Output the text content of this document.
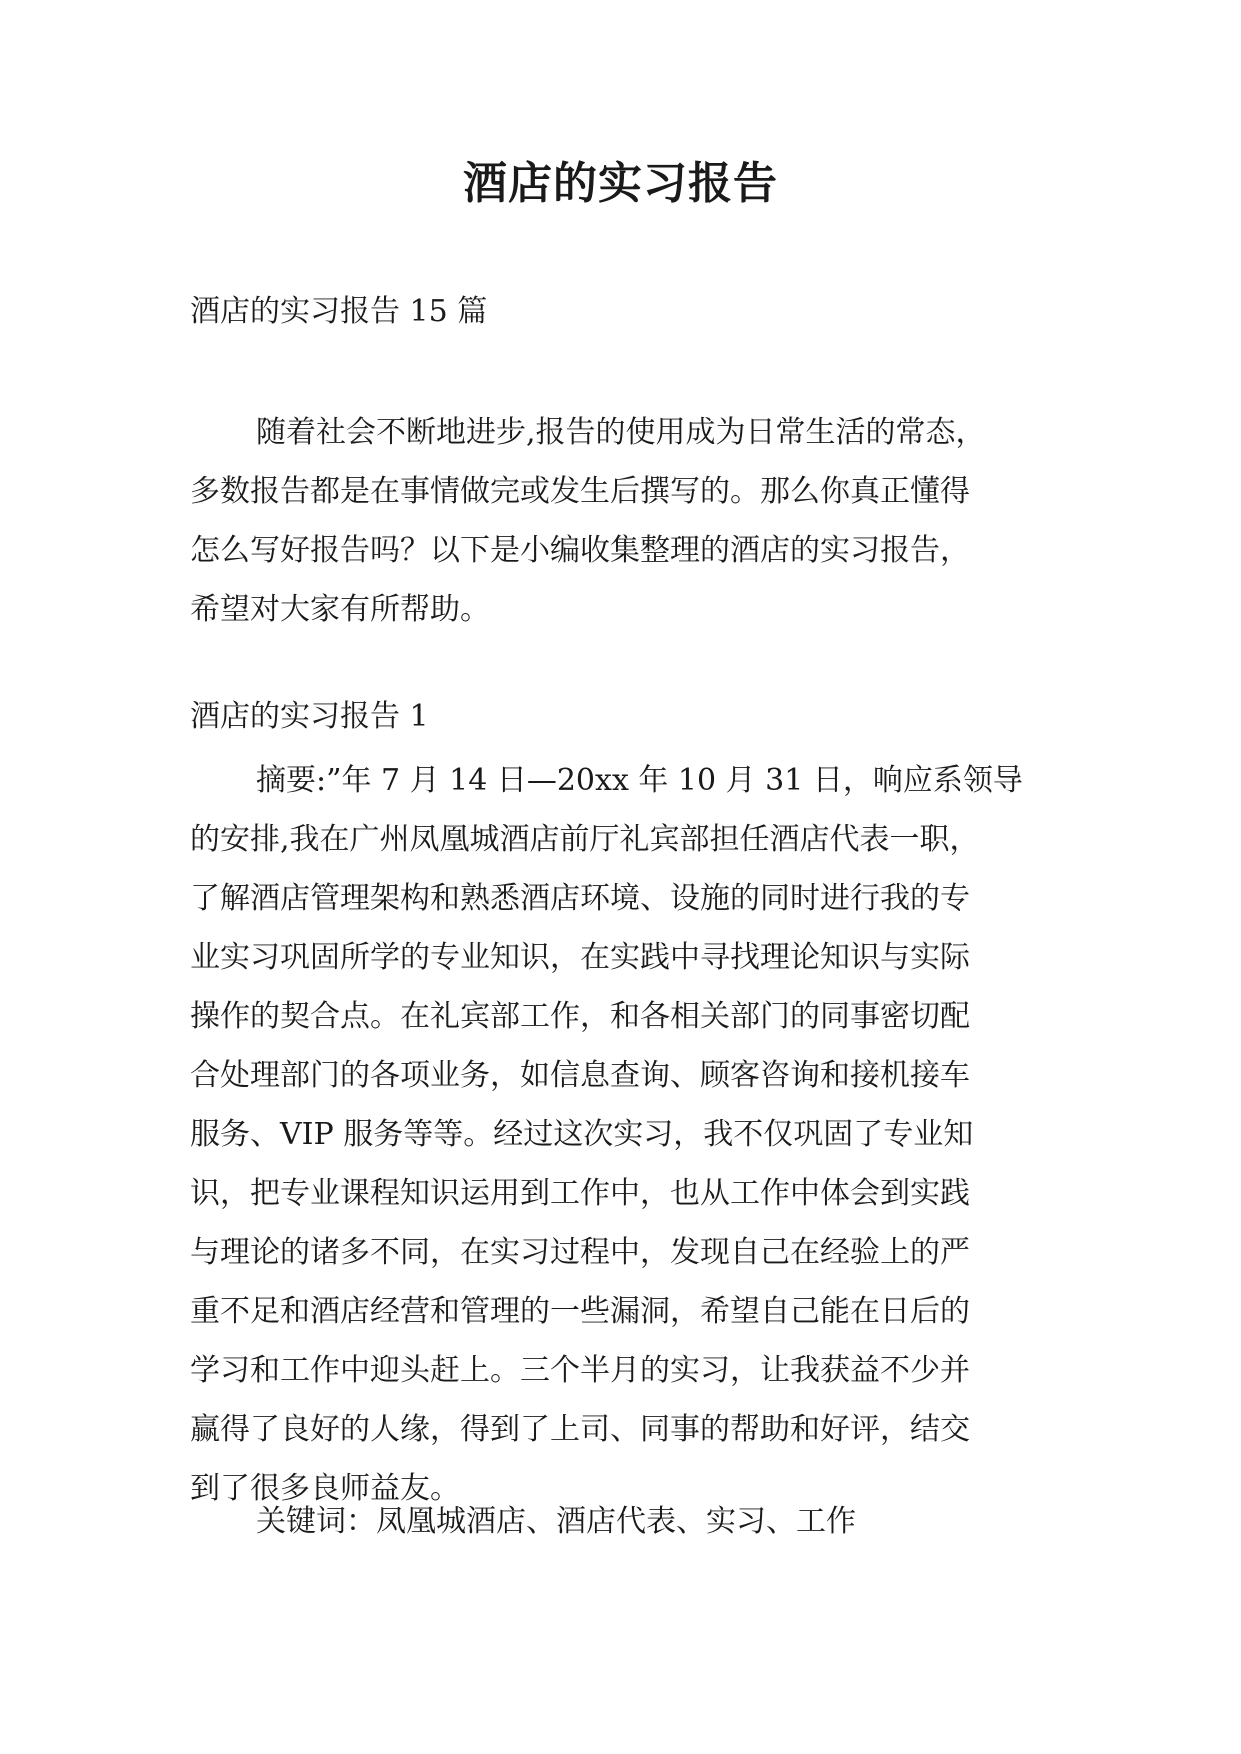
酒店的实习报告
酒店的实习报告 15 篇
随着社会不断地进步,报告的使用成为日常生活的常态，
多数报告都是在事情做完或发生后撰写的。那么你真正懂得
怎么写好报告吗？以下是小编收集整理的酒店的实习报告，
希望对大家有所帮助。
酒店的实习报告 1
摘要:”年 7 月 14 日—20xx 年 10 月 31 日，响应系领导
的安排,我在广州凤凰城酒店前厅礼宾部担任酒店代表一职，
了解酒店管理架构和熟悉酒店环境、设施的同时进行我的专
业实习巩固所学的专业知识，在实践中寻找理论知识与实际
操作的契合点。在礼宾部工作，和各相关部门的同事密切配
合处理部门的各项业务，如信息查询、顾客咨询和接机接车
服务、VIP 服务等等。经过这次实习，我不仅巩固了专业知
识，把专业课程知识运用到工作中，也从工作中体会到实践
与理论的诸多不同，在实习过程中，发现自己在经验上的严
重不足和酒店经营和管理的一些漏洞，希望自己能在日后的
学习和工作中迎头赶上。三个半月的实习，让我获益不少并
赢得了良好的人缘，得到了上司、同事的帮助和好评，结交
到了很多良师益友。
关键词：凤凰城酒店、酒店代表、实习、工作
